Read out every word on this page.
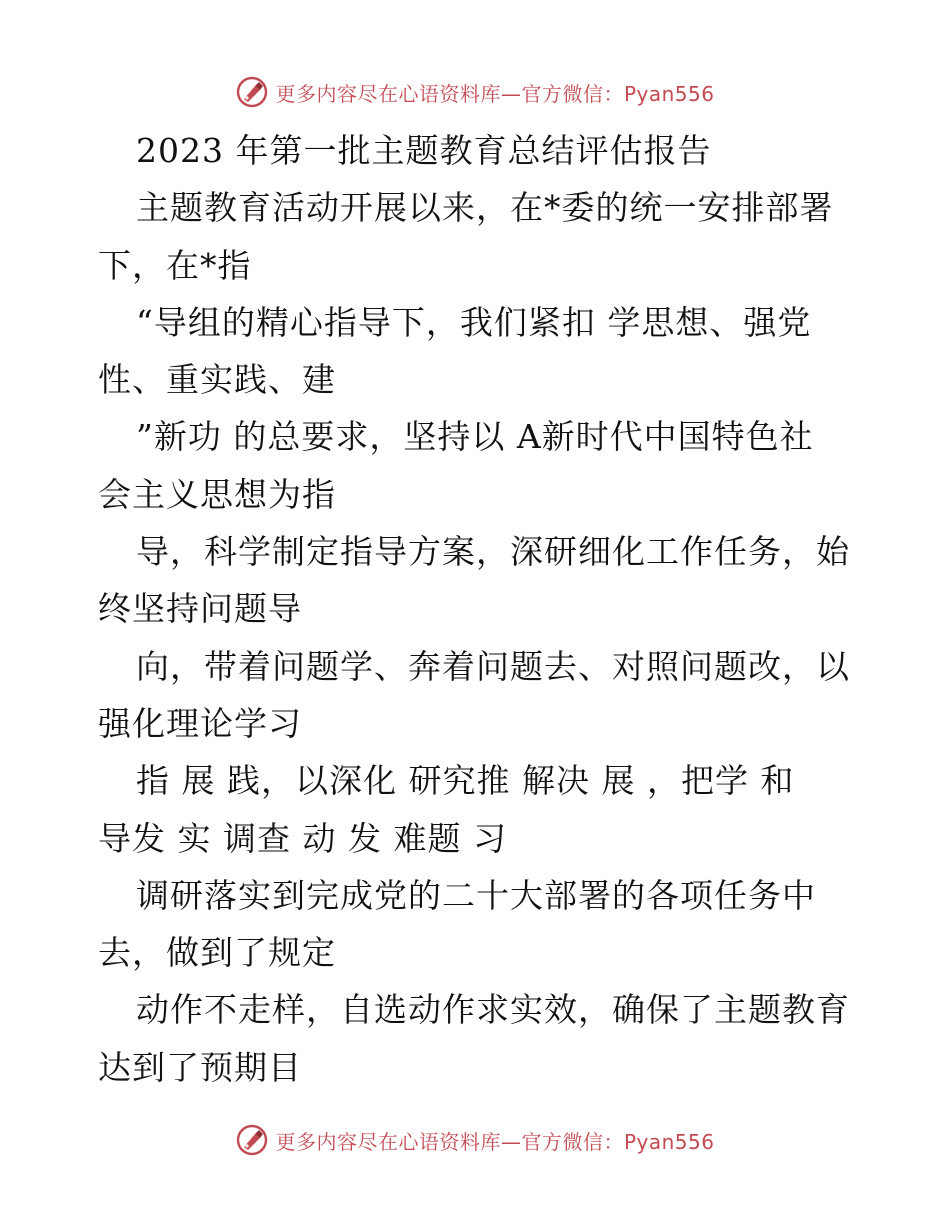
更多内容尽在心语资料库—官方微信：Pyan556
2023 年第一批主题教育总结评估报告
主题教育活动开展以来，在*委的统一安排部署
下，在*指
“导组的精心指导下，我们紧扣 学思想、强党
性、重实践、建
”新功 的总要求，坚持以 A新时代中国特色社
会主义思想为指
导，科学制定指导方案，深研细化工作任务，始
终坚持问题导
向，带着问题学、奔着问题去、对照问题改，以
强化理论学习
指 展 践，以深化 研究推 解决 展 ，把学 和
导发 实 调查 动 发 难题 习
调研落实到完成党的二十大部署的各项任务中
去，做到了规定
动作不走样，自选动作求实效，确保了主题教育
达到了预期目
更多内容尽在心语资料库—官方微信：Pyan556
